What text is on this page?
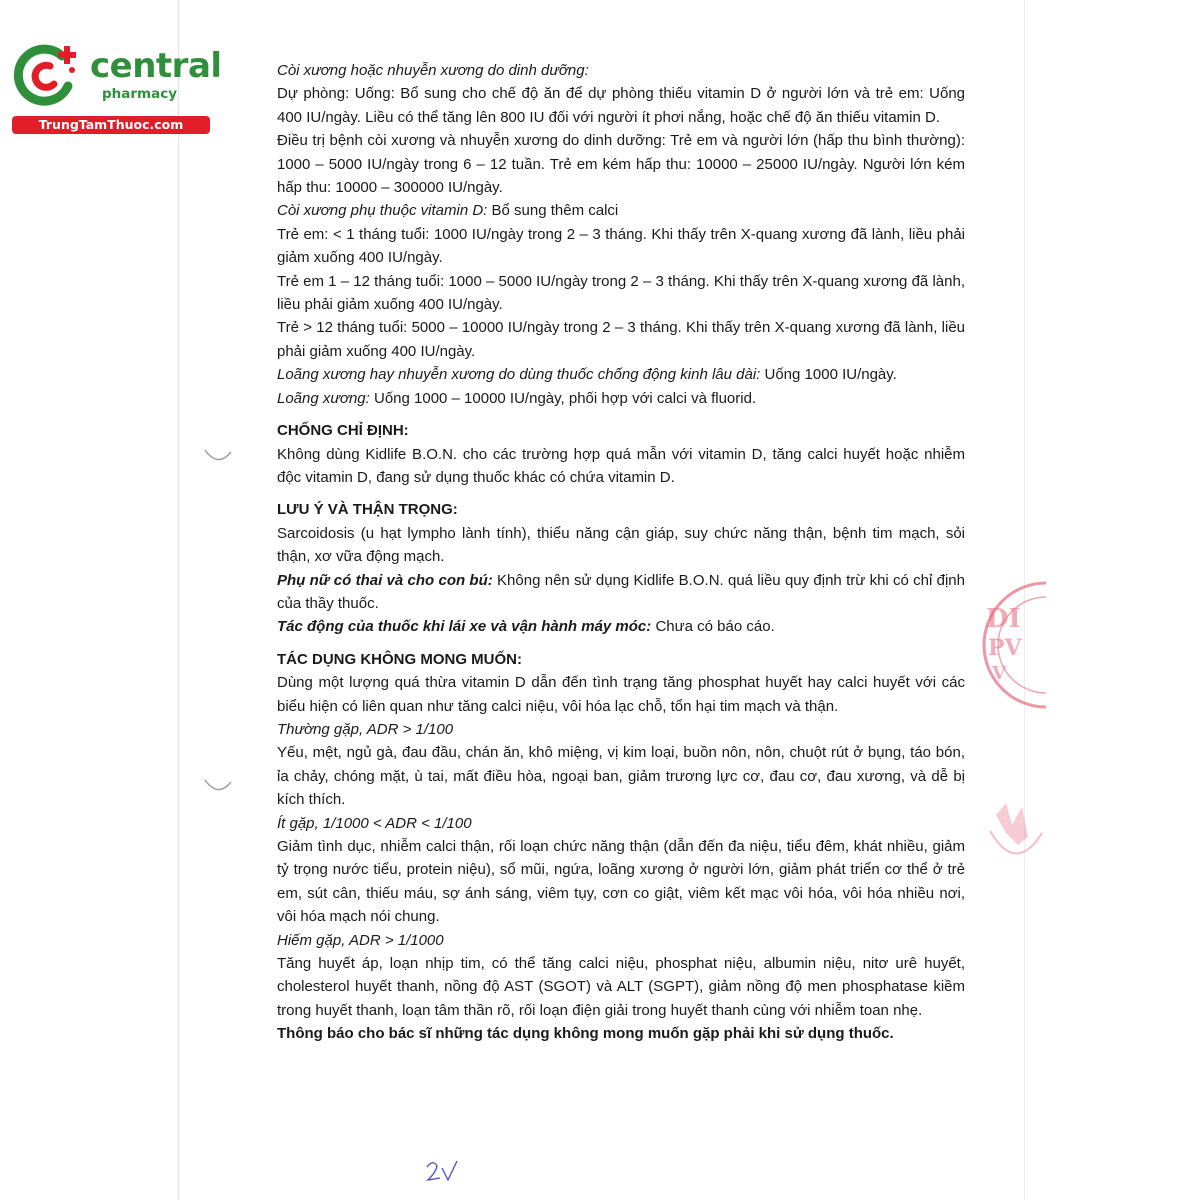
central
pharmacy
TrungTamThuoc.com

Còi xương hoặc nhuyễn xương do dinh dưỡng:

Dự phòng: Uống: Bổ sung cho chế độ ăn để dự phòng thiếu vitamin D ở người lớn và trẻ em: Uống 400 IU/ngày. Liều có thể tăng lên 800 IU đối với người ít phơi nắng, hoặc chế độ ăn thiếu vitamin D.

Điều trị bệnh còi xương và nhuyễn xương do dinh dưỡng: Trẻ em và người lớn (hấp thu bình thường): 1000 – 5000 IU/ngày trong 6 – 12 tuần. Trẻ em kém hấp thu: 10000 – 25000 IU/ngày. Người lớn kém hấp thu: 10000 – 300000 IU/ngày.

Còi xương phụ thuộc vitamin D: Bổ sung thêm calci

Trẻ em: < 1 tháng tuổi: 1000 IU/ngày trong 2 – 3 tháng. Khi thấy trên X-quang xương đã lành, liều phải giảm xuống 400 IU/ngày.

Trẻ em 1 – 12 tháng tuổi: 1000 – 5000 IU/ngày trong 2 – 3 tháng. Khi thấy trên X-quang xương đã lành, liều phải giảm xuống 400 IU/ngày.

Trẻ > 12 tháng tuổi: 5000 – 10000 IU/ngày trong 2 – 3 tháng. Khi thấy trên X-quang xương đã lành, liều phải giảm xuống 400 IU/ngày.

Loãng xương hay nhuyễn xương do dùng thuốc chống động kinh lâu dài: Uống 1000 IU/ngày.

Loãng xương: Uống 1000 – 10000 IU/ngày, phối hợp với calci và fluorid.

CHỐNG CHỈ ĐỊNH:

Không dùng Kidlife B.O.N. cho các trường hợp quá mẫn với vitamin D, tăng calci huyết hoặc nhiễm độc vitamin D, đang sử dụng thuốc khác có chứa vitamin D.

LƯU Ý VÀ THẬN TRỌNG:

Sarcoidosis (u hạt lympho lành tính), thiểu năng cận giáp, suy chức năng thận, bệnh tim mạch, sỏi thận, xơ vữa động mạch.

Phụ nữ có thai và cho con bú: Không nên sử dụng Kidlife B.O.N. quá liều quy định trừ khi có chỉ định của thầy thuốc.

Tác động của thuốc khi lái xe và vận hành máy móc: Chưa có báo cáo.

TÁC DỤNG KHÔNG MONG MUỐN:

Dùng một lượng quá thừa vitamin D dẫn đến tình trạng tăng phosphat huyết hay calci huyết với các biểu hiện có liên quan như tăng calci niệu, vôi hóa lạc chỗ, tổn hại tim mạch và thận.

Thường gặp, ADR > 1/100

Yếu, mệt, ngủ gà, đau đầu, chán ăn, khô miệng, vị kim loại, buồn nôn, nôn, chuột rút ở bụng, táo bón, ỉa chảy, chóng mặt, ù tai, mất điều hòa, ngoại ban, giảm trương lực cơ, đau cơ, đau xương, và dễ bị kích thích.

Ít gặp, 1/1000 < ADR < 1/100

Giảm tình dục, nhiễm calci thận, rối loạn chức năng thận (dẫn đến đa niệu, tiểu đêm, khát nhiều, giảm tỷ trọng nước tiểu, protein niệu), sổ mũi, ngứa, loãng xương ở người lớn, giảm phát triển cơ thể ở trẻ em, sút cân, thiếu máu, sợ ánh sáng, viêm tụy, cơn co giật, viêm kết mạc vôi hóa, vôi hóa nhiều nơi, vôi hóa mạch nói chung.

Hiếm gặp, ADR > 1/1000

Tăng huyết áp, loạn nhịp tim, có thể tăng calci niệu, phosphat niệu, albumin niệu, nitơ urê huyết, cholesterol huyết thanh, nồng độ AST (SGOT) và ALT (SGPT), giảm nồng độ men phosphatase kiềm trong huyết thanh, loạn tâm thần rõ, rối loạn điện giải trong huyết thanh cùng với nhiễm toan nhẹ.

Thông báo cho bác sĩ những tác dụng không mong muốn gặp phải khi sử dụng thuốc.

DI
PV
V
